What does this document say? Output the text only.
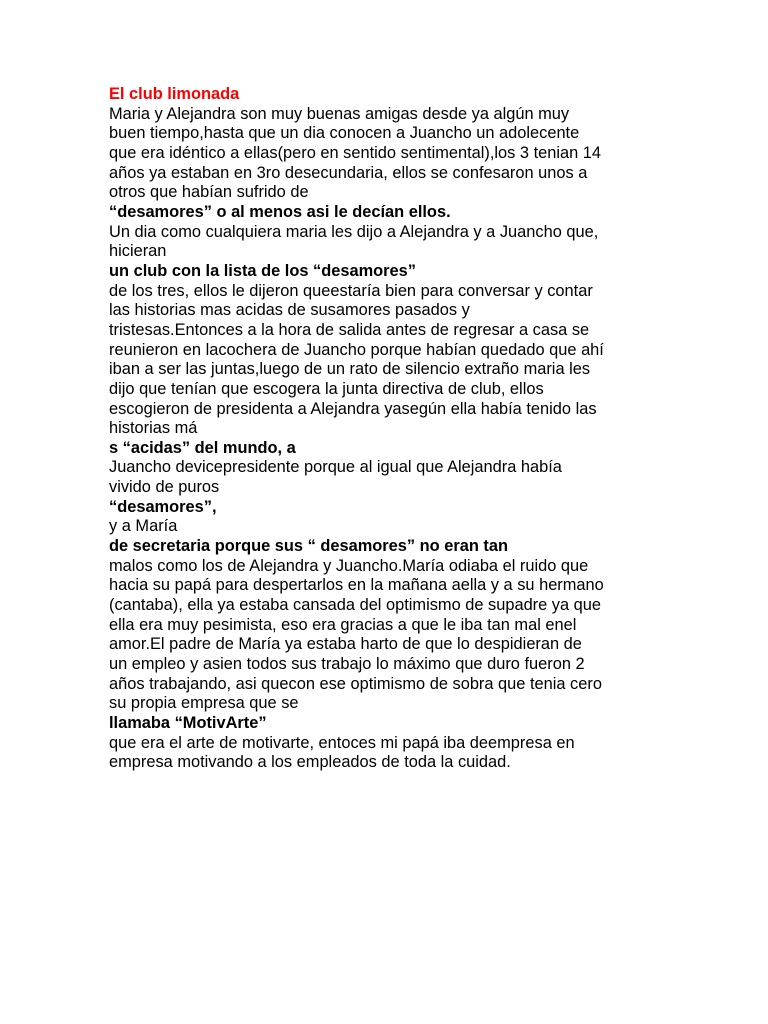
El club limonada
Maria y Alejandra son muy buenas amigas desde ya algún muy
buen tiempo,hasta que un dia conocen a Juancho un adolecente
que era idéntico a ellas(pero en sentido sentimental),los 3 tenian 14
años ya estaban en 3ro desecundaria, ellos se confesaron unos a
otros que habían sufrido de
“desamores” o al menos asi le decían ellos.
Un dia como cualquiera maria les dijo a Alejandra y a Juancho que,
hicieran
un club con la lista de los “desamores”
de los tres, ellos le dijeron queestaría bien para conversar y contar
las historias mas acidas de susamores pasados y
tristesas.Entonces a la hora de salida antes de regresar a casa se
reunieron en lacochera de Juancho porque habían quedado que ahí
iban a ser las juntas,luego de un rato de silencio extraño maria les
dijo que tenían que escogera la junta directiva de club, ellos
escogieron de presidenta a Alejandra yasegún ella había tenido las
historias má
s “acidas” del mundo, a
Juancho devicepresidente porque al igual que Alejandra había
vivido de puros
“desamores”,
y a María
de secretaria porque sus “ desamores” no eran tan
malos como los de Alejandra y Juancho.María odiaba el ruido que
hacia su papá para despertarlos en la mañana aella y a su hermano
(cantaba), ella ya estaba cansada del optimismo de supadre ya que
ella era muy pesimista, eso era gracias a que le iba tan mal enel
amor.El padre de María ya estaba harto de que lo despidieran de
un empleo y asien todos sus trabajo lo máximo que duro fueron 2
años trabajando, asi quecon ese optimismo de sobra que tenia cero
su propia empresa que se
llamaba “MotivArte”
que era el arte de motivarte, entoces mi papá iba deempresa en
empresa motivando a los empleados de toda la cuidad.
